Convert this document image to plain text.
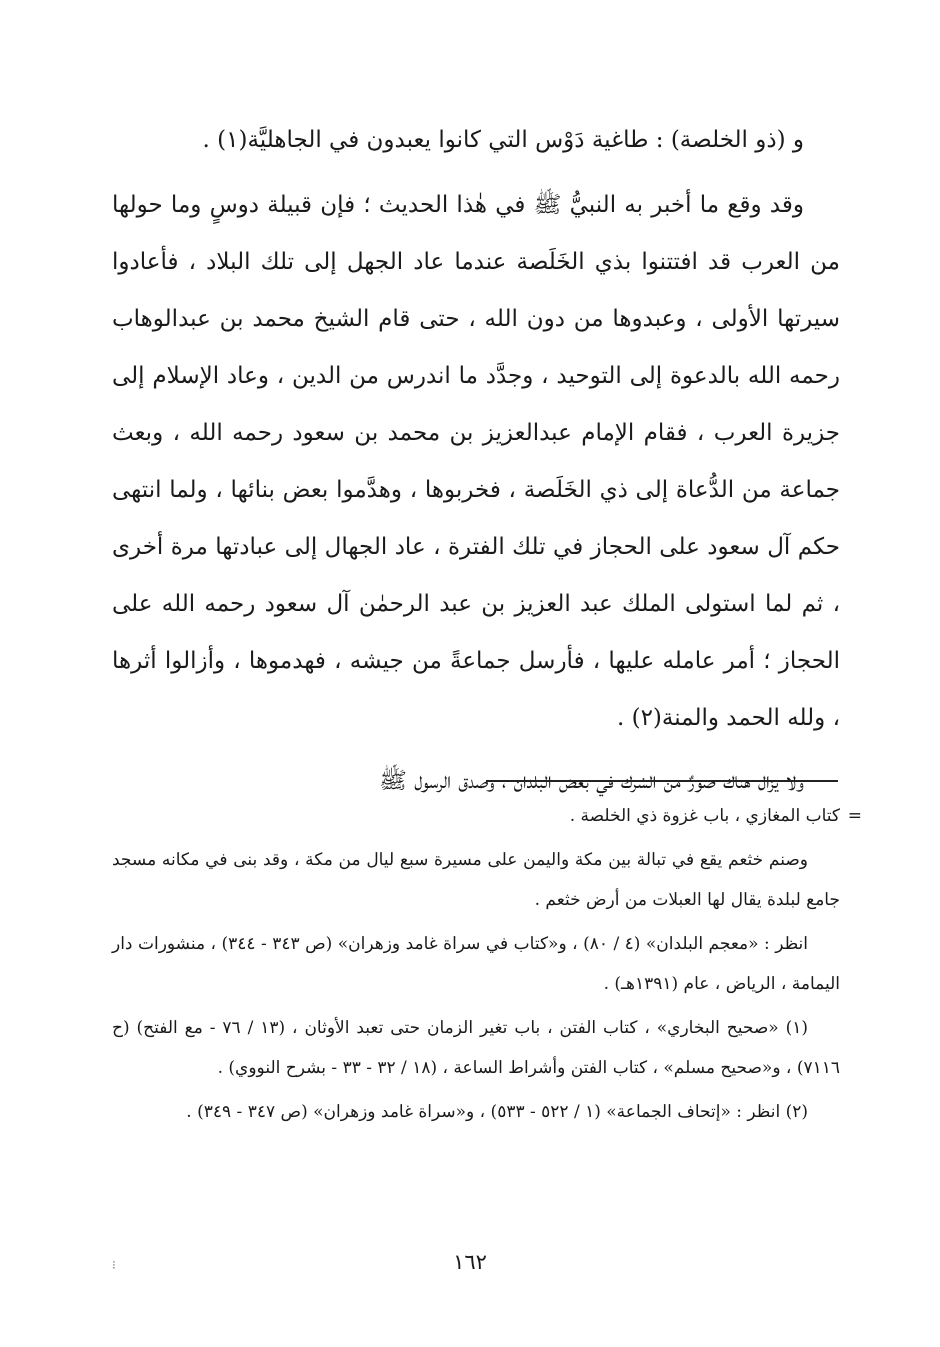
و (ذو الخلصة) : طاغية دَوْس التي كانوا يعبدون في الجاهليَّة(١) .

وقد وقع ما أخبر به النبيُّ ﷺ في هٰذا الحديث ؛ فإن قبيلة دوسٍ وما حولها من العرب قد افتتنوا بذي الخَلَصة عندما عاد الجهل إلى تلك البلاد ، فأعادوا سيرتها الأولى ، وعبدوها من دون الله ، حتى قام الشيخ محمد بن عبدالوهاب رحمه الله بالدعوة إلى التوحيد ، وجدَّد ما اندرس من الدين ، وعاد الإسلام إلى جزيرة العرب ، فقام الإمام عبدالعزيز بن محمد بن سعود رحمه الله ، وبعث جماعة من الدُّعاة إلى ذي الخَلَصة ، فخربوها ، وهدَّموا بعض بنائها ، ولما انتهى حكم آل سعود على الحجاز في تلك الفترة ، عاد الجهال إلى عبادتها مرة أخرى ، ثم لما استولى الملك عبد العزيز بن عبد الرحمٰن آل سعود رحمه الله على الحجاز ؛ أمر عامله عليها ، فأرسل جماعةً من جيشه ، فهدموها ، وأزالوا أثرها ، ولله الحمد والمنة(٢) .

ولا يزال هناك صورٌ من الشرك في بعض البلدان ، وصدق الرسول ﷺ

=
كتاب المغازي ، باب غزوة ذي الخلصة .

وصنم خثعم يقع في تبالة بين مكة واليمن على مسيرة سبع ليال من مكة ، وقد بنى في مكانه مسجد جامع لبلدة يقال لها العبلات من أرض خثعم .

انظر : «معجم البلدان» (٤ / ٨٠) ، و«كتاب في سراة غامد وزهران» (ص ٣٤٣ - ٣٤٤) ، منشورات دار اليمامة ، الرياض ، عام (١٣٩١هـ) .

(١) «صحيح البخاري» ، كتاب الفتن ، باب تغير الزمان حتى تعبد الأوثان ، (١٣ / ٧٦ - مع الفتح) (ح ٧١١٦) ، و«صحيح مسلم» ، كتاب الفتن وأشراط الساعة ، (١٨ / ٣٢ - ٣٣ - بشرح النووي) .

(٢) انظر : «إتحاف الجماعة» (١ / ٥٢٢ - ٥٣٣) ، و«سراة غامد وزهران» (ص ٣٤٧ - ٣٤٩) .

١٦٢
⁝
